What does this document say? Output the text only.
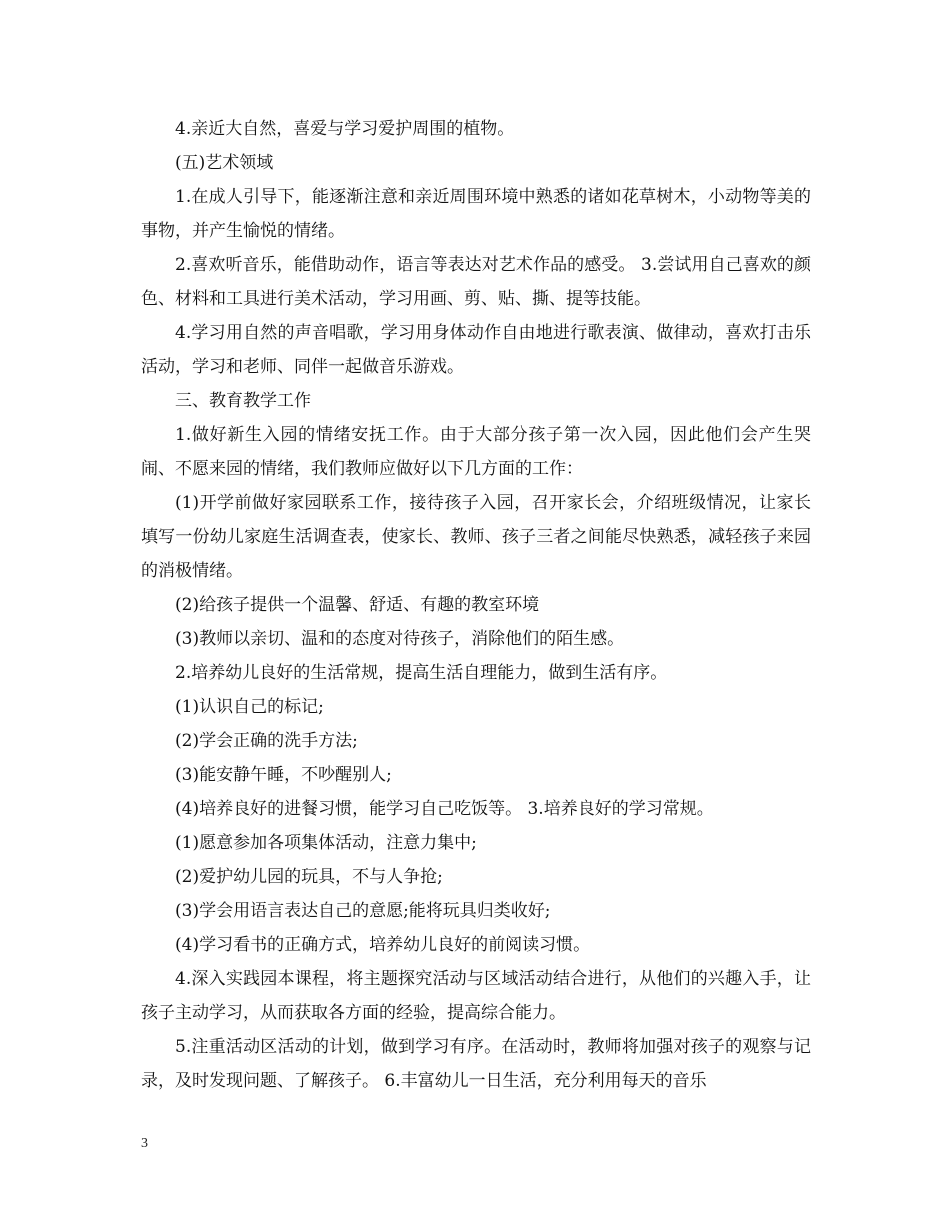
4.亲近大自然，喜爱与学习爱护周围的植物。

(五)艺术领域

1.在成人引导下，能逐渐注意和亲近周围环境中熟悉的诸如花草树木，小动物等美的事物，并产生愉悦的情绪。

2.喜欢听音乐，能借助动作，语言等表达对艺术作品的感受。 3.尝试用自己喜欢的颜色、材料和工具进行美术活动，学习用画、剪、贴、撕、提等技能。

4.学习用自然的声音唱歌，学习用身体动作自由地进行歌表演、做律动，喜欢打击乐活动，学习和老师、同伴一起做音乐游戏。

三、教育教学工作

1.做好新生入园的情绪安抚工作。由于大部分孩子第一次入园，因此他们会产生哭闹、不愿来园的情绪，我们教师应做好以下几方面的工作：

(1)开学前做好家园联系工作，接待孩子入园，召开家长会，介绍班级情况，让家长填写一份幼儿家庭生活调查表，使家长、教师、孩子三者之间能尽快熟悉，减轻孩子来园的消极情绪。

(2)给孩子提供一个温馨、舒适、有趣的教室环境

(3)教师以亲切、温和的态度对待孩子，消除他们的陌生感。

2.培养幼儿良好的生活常规，提高生活自理能力，做到生活有序。

(1)认识自己的标记;

(2)学会正确的洗手方法;

(3)能安静午睡，不吵醒别人;

(4)培养良好的进餐习惯，能学习自己吃饭等。 3.培养良好的学习常规。

(1)愿意参加各项集体活动，注意力集中;

(2)爱护幼儿园的玩具，不与人争抢;

(3)学会用语言表达自己的意愿;能将玩具归类收好;

(4)学习看书的正确方式，培养幼儿良好的前阅读习惯。

4.深入实践园本课程，将主题探究活动与区域活动结合进行，从他们的兴趣入手，让孩子主动学习，从而获取各方面的经验，提高综合能力。

5.注重活动区活动的计划，做到学习有序。在活动时，教师将加强对孩子的观察与记录，及时发现问题、了解孩子。 6.丰富幼儿一日生活，充分利用每天的音乐

3
